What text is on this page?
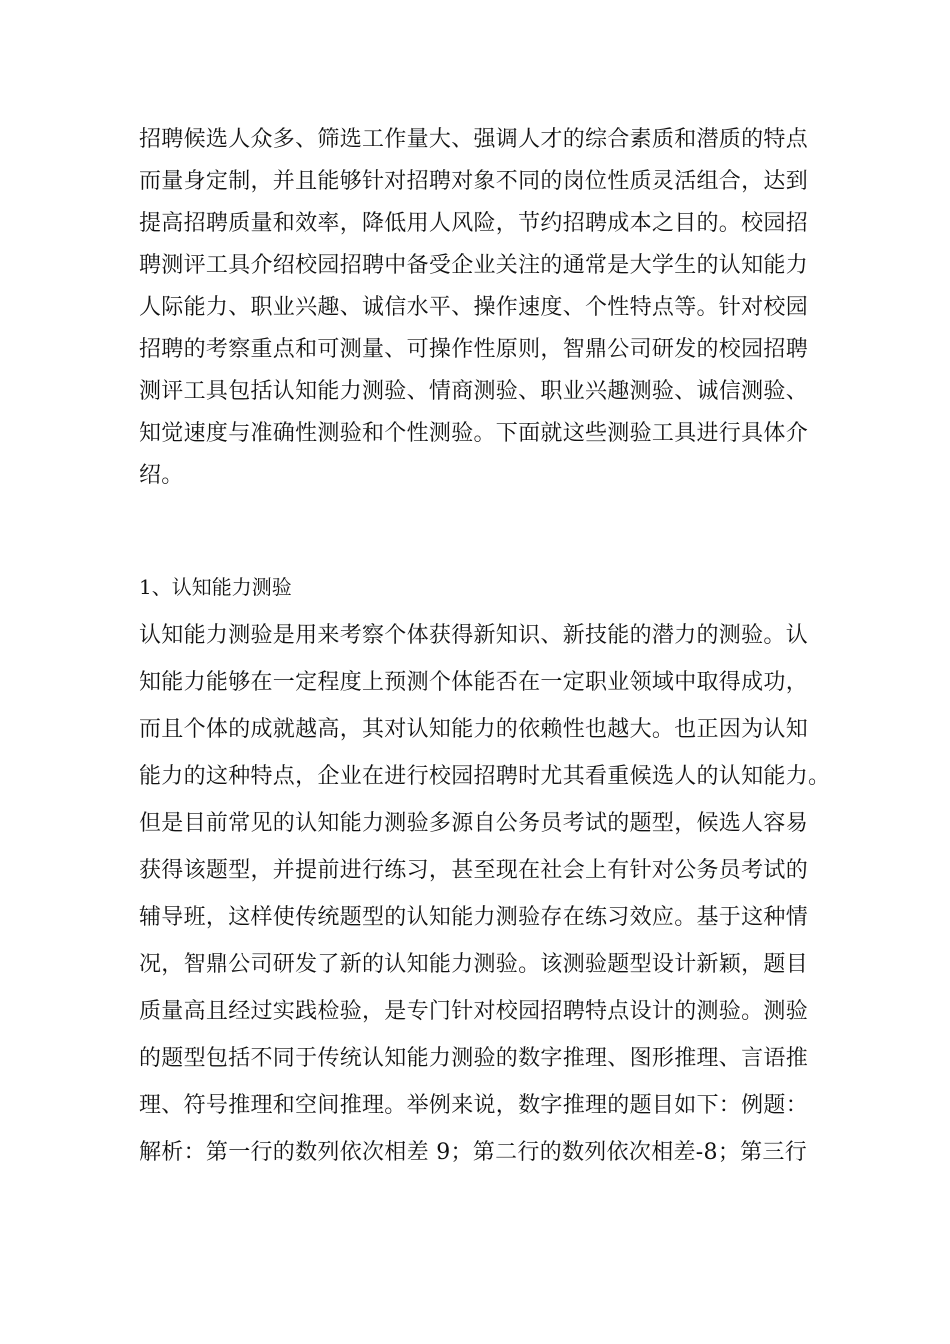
招聘候选人众多、筛选工作量大、强调人才的综合素质和潜质的特点
而量身定制，并且能够针对招聘对象不同的岗位性质灵活组合，达到
提高招聘质量和效率，降低用人风险，节约招聘成本之目的。校园招
聘测评工具介绍校园招聘中备受企业关注的通常是大学生的认知能力
人际能力、职业兴趣、诚信水平、操作速度、个性特点等。针对校园
招聘的考察重点和可测量、可操作性原则，智鼎公司研发的校园招聘
测评工具包括认知能力测验、情商测验、职业兴趣测验、诚信测验、
知觉速度与准确性测验和个性测验。下面就这些测验工具进行具体介
绍。
1、认知能力测验
认知能力测验是用来考察个体获得新知识、新技能的潜力的测验。认
知能力能够在一定程度上预测个体能否在一定职业领域中取得成功，
而且个体的成就越高，其对认知能力的依赖性也越大。也正因为认知
能力的这种特点，企业在进行校园招聘时尤其看重候选人的认知能力。
但是目前常见的认知能力测验多源自公务员考试的题型，候选人容易
获得该题型，并提前进行练习，甚至现在社会上有针对公务员考试的
辅导班，这样使传统题型的认知能力测验存在练习效应。基于这种情
况，智鼎公司研发了新的认知能力测验。该测验题型设计新颖，题目
质量高且经过实践检验，是专门针对校园招聘特点设计的测验。测验
的题型包括不同于传统认知能力测验的数字推理、图形推理、言语推
理、符号推理和空间推理。举例来说，数字推理的题目如下：例题：
解析：第一行的数列依次相差 9；第二行的数列依次相差-8；第三行
